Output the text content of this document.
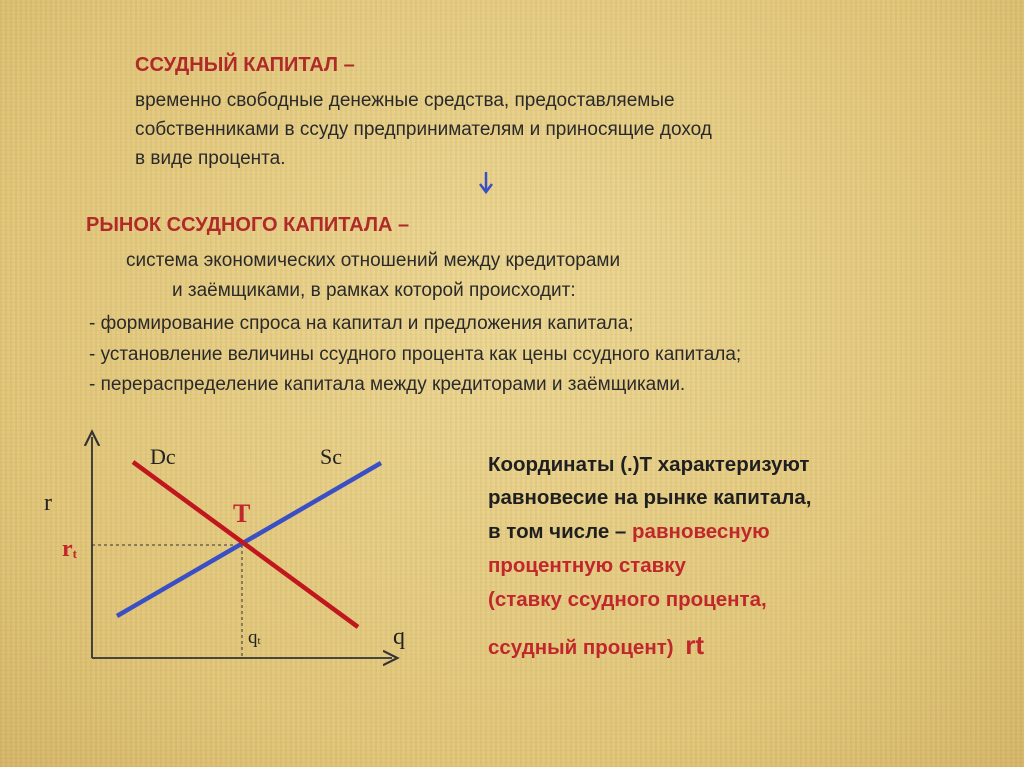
ССУДНЫЙ КАПИТАЛ –
временно свободные денежные средства, предоставляемые
собственниками в ссуду предпринимателям и приносящие доход
в виде процента.
РЫНОК ССУДНОГО КАПИТАЛА –
система экономических отношений между кредиторами
и заёмщиками, в рамках которой происходит:
- формирование спроса на капитал и предложения капитала;
- установление величины ссудного процента как цены ссудного капитала;
- перераспределение капитала между кредиторами и заёмщиками.
Dc	Sc
r
q
T
rt
qt
Координаты (.)Т характеризуют
равновесие на рынке капитала,
в том числе – равновесную
процентную ставку
(ставку ссудного процента,
ссудный процент) rt
